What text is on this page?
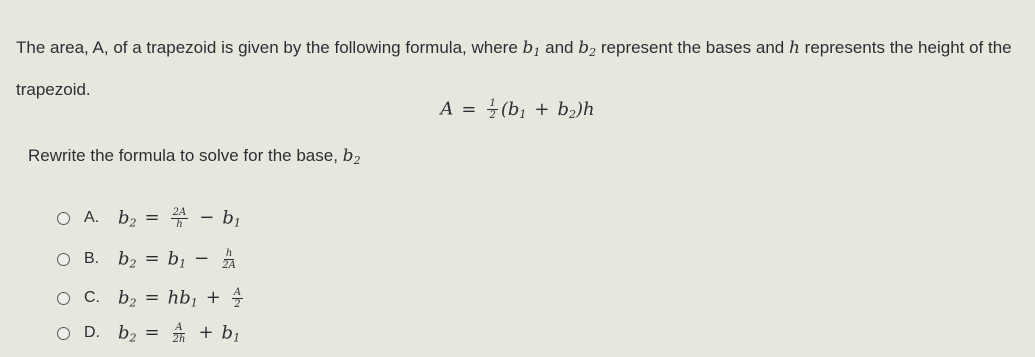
The area, A, of a trapezoid is given by the following formula, where $b_1$ and $b_2$ represent the bases and h represents the height of the trapezoid.
$A = \frac{1}{2} (b_1 + b_2)h$
Rewrite the formula to solve for the base, $b_2$
A.	$b_2 = \frac{2A}{h} - b_1$
B.	$b_2 = b_1 - \frac{h}{2A}$
C.	$b_2 = hb_1 + \frac{A}{2}$
D.	$b_2 = \frac{A}{2h} + b_1$
